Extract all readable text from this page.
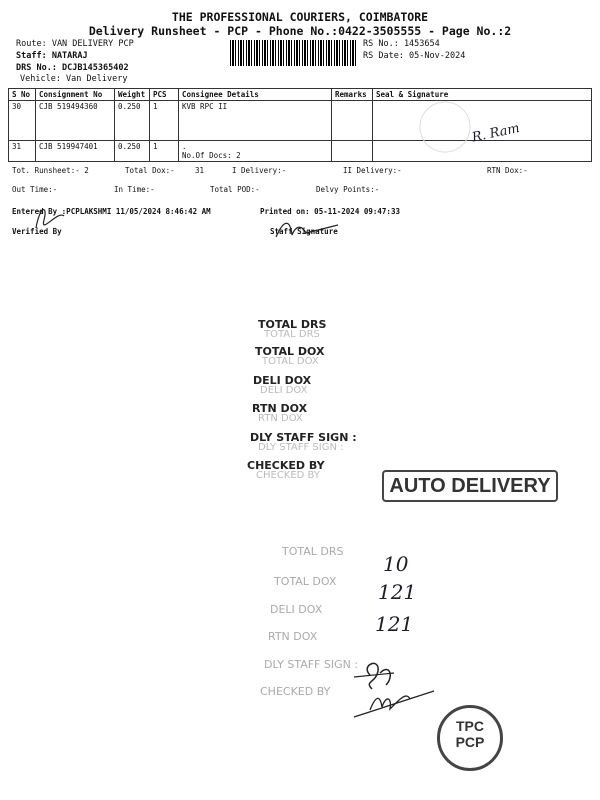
THE PROFESSIONAL COURIERS, COIMBATORE
Delivery Runsheet - PCP - Phone No.:0422-3505555 - Page No.:2
Route: VAN DELIVERY PCP
Staff: NATARAJ
DRS No.: DCJB145365402
Vehicle: Van Delivery
RS No.: 1453654
RS Date: 05-Nov-2024
S No	Consignment No	Weight	PCS	Consignee Details	Remarks	Seal & Signature
30	CJB 519494360	0.250	1	KVB RPC II		
31	CJB 519947401	0.250	1	.
No.Of Docs: 2		

R. Ram
Tot. Runsheet:- 2	Total Dox:-	31	I Delivery:-	II Delivery:-	RTN Dox:-
Out Time:-	In Time:-	Total POD:-	Delvy Points:-
Entered By :PCPLAKSHMI 11/05/2024 8:46:42 AM	Printed on: 05-11-2024 09:47:33
Verified By	Staff Signature
TOTAL DRS
TOTAL DRS
TOTAL DOX
TOTAL DOX
DELI DOX
DELI DOX
RTN DOX
RTN DOX
DLY STAFF SIGN :
DLY STAFF SIGN :
CHECKED BY
CHECKED BY	AUTO DELIVERY
TOTAL DRS
TOTAL DOX
DELI DOX
RTN DOX
DLY STAFF SIGN :
CHECKED BY
10
121
121
TPC
PCP
